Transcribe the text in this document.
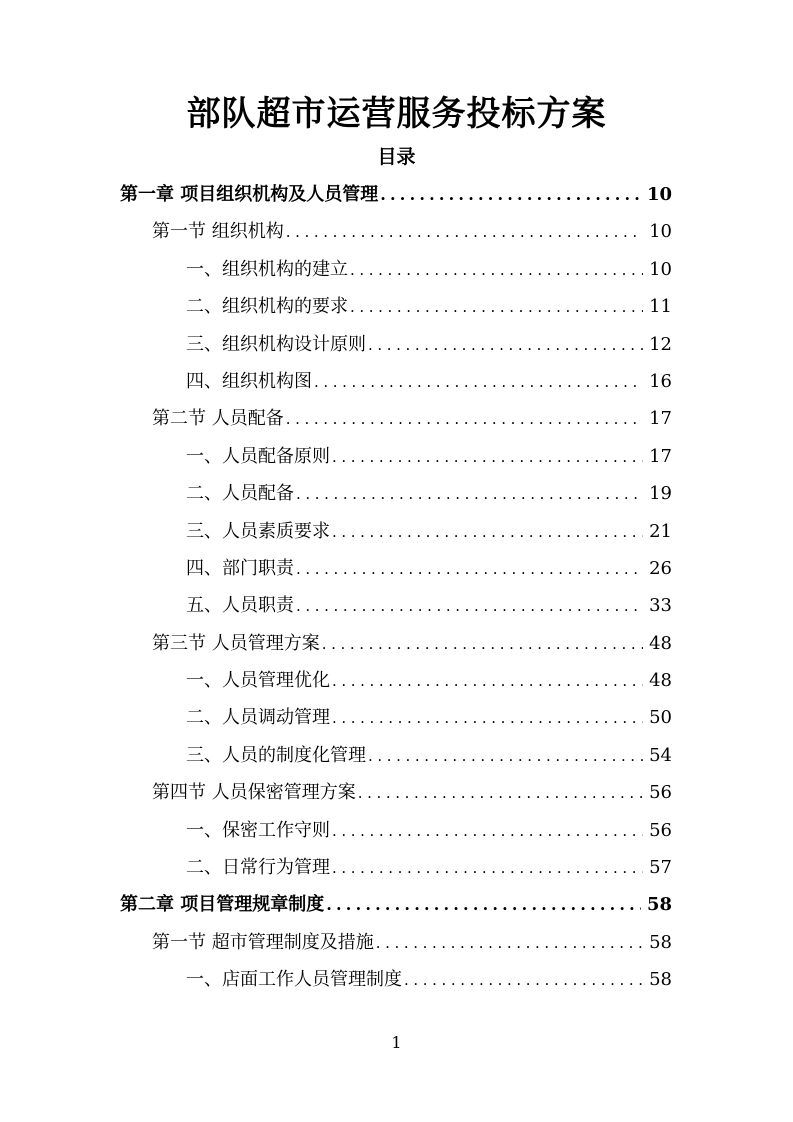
部队超市运营服务投标方案
目录
第一章 项目组织机构及人员管理 .....	10
第一节 组织机构 .....	10
一、组织机构的建立 .....	10
二、组织机构的要求 .....	11
三、组织机构设计原则 .....	12
四、组织机构图 .....	16
第二节 人员配备 .....	17
一、人员配备原则 .....	17
二、人员配备 .....	19
三、人员素质要求 .....	21
四、部门职责 .....	26
五、人员职责 .....	33
第三节 人员管理方案 .....	48
一、人员管理优化 .....	48
二、人员调动管理 .....	50
三、人员的制度化管理 .....	54
第四节 人员保密管理方案 .....	56
一、保密工作守则 .....	56
二、日常行为管理 .....	57
第二章 项目管理规章制度 .....	58
第一节 超市管理制度及措施 .....	58
一、店面工作人员管理制度 .....	58
1
